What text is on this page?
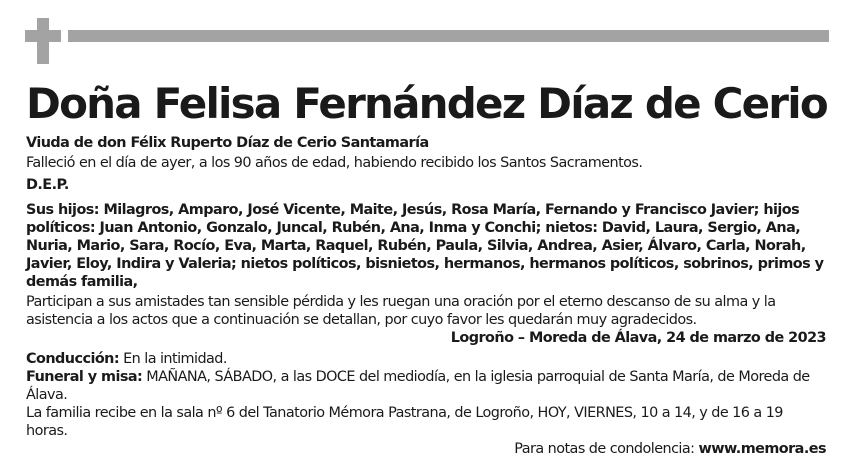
Doña Felisa Fernández Díaz de Cerio

Viuda de don Félix Ruperto Díaz de Cerio Santamaría

Falleció en el día de ayer, a los 90 años de edad, habiendo recibido los Santos Sacramentos.

D.E.P.

Sus hijos: Milagros, Amparo, José Vicente, Maite, Jesús, Rosa María, Fernando y Francisco Javier; hijos políticos: Juan Antonio, Gonzalo, Juncal, Rubén, Ana, Inma y Conchi; nietos: David, Laura, Sergio, Ana, Nuria, Mario, Sara, Rocío, Eva, Marta, Raquel, Rubén, Paula, Silvia, Andrea, Asier, Álvaro, Carla, Norah, Javier, Eloy, Indira y Valeria; nietos políticos, bisnietos, hermanos, hermanos políticos, sobrinos, primos y demás familia,

Participan a sus amistades tan sensible pérdida y les ruegan una oración por el eterno descanso de su alma y la asistencia a los actos que a continuación se detallan, por cuyo favor les quedarán muy agradecidos.

Logroño – Moreda de Álava, 24 de marzo de 2023

Conducción: En la intimidad.

Funeral y misa: MAÑANA, SÁBADO, a las DOCE del mediodía, en la iglesia parroquial de Santa María, de Moreda de Álava.

La familia recibe en la sala nº 6 del Tanatorio Mémora Pastrana, de Logroño, HOY, VIERNES, 10 a 14, y de 16 a 19 horas.

Para notas de condolencia: www.memora.es
